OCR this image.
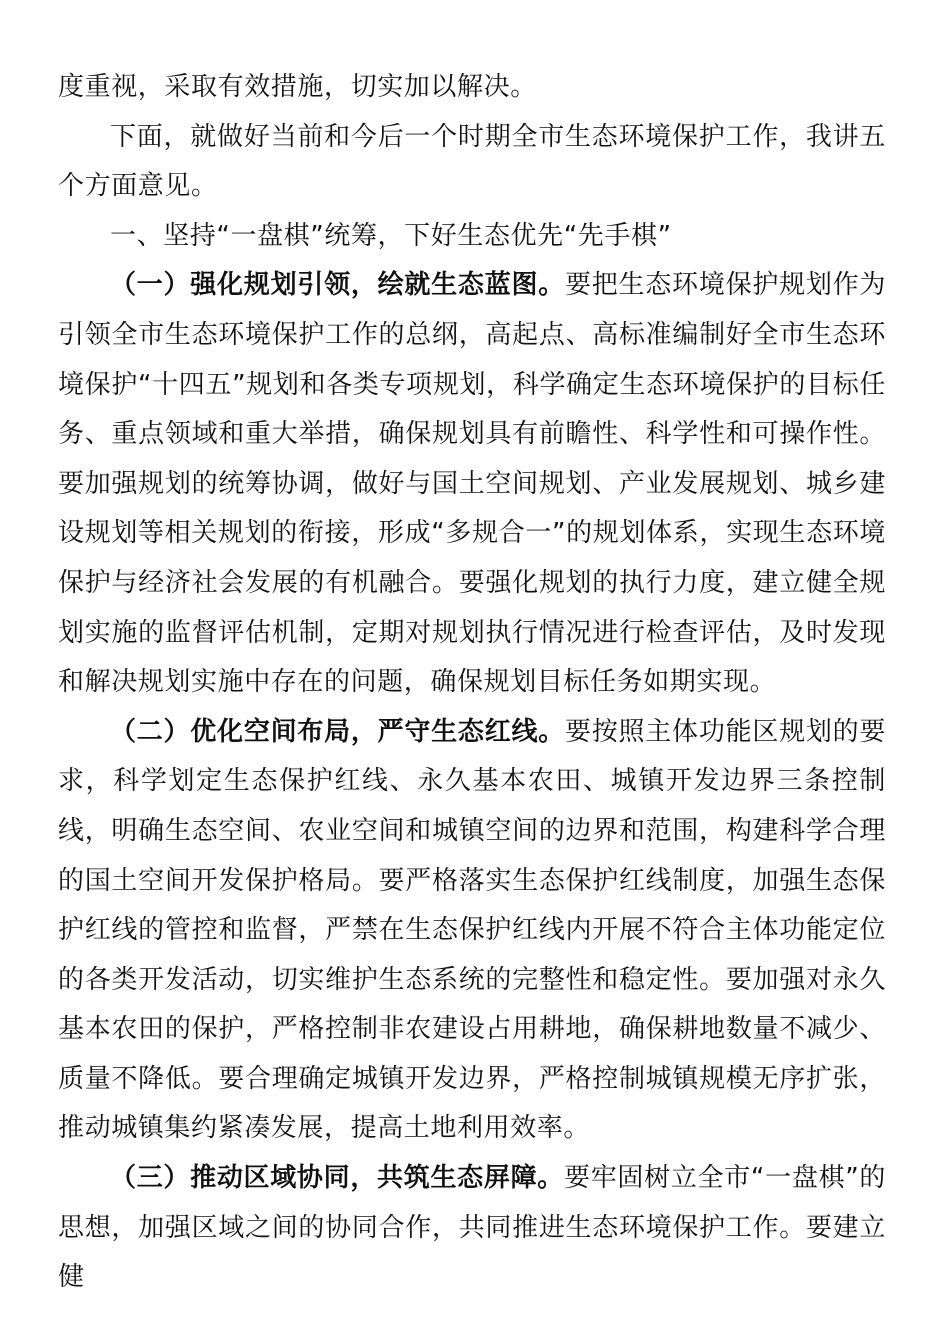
度重视，采取有效措施，切实加以解决。

下面，就做好当前和今后一个时期全市生态环境保护工作，我讲五个方面意见。

一、坚持“一盘棋”统筹，下好生态优先“先手棋”

（一）强化规划引领，绘就生态蓝图。要把生态环境保护规划作为引领全市生态环境保护工作的总纲，高起点、高标准编制好全市生态环境保护“十四五”规划和各类专项规划，科学确定生态环境保护的目标任务、重点领域和重大举措，确保规划具有前瞻性、科学性和可操作性。要加强规划的统筹协调，做好与国土空间规划、产业发展规划、城乡建设规划等相关规划的衔接，形成“多规合一”的规划体系，实现生态环境保护与经济社会发展的有机融合。要强化规划的执行力度，建立健全规划实施的监督评估机制，定期对规划执行情况进行检查评估，及时发现和解决规划实施中存在的问题，确保规划目标任务如期实现。

（二）优化空间布局，严守生态红线。要按照主体功能区规划的要求，科学划定生态保护红线、永久基本农田、城镇开发边界三条控制线，明确生态空间、农业空间和城镇空间的边界和范围，构建科学合理的国土空间开发保护格局。要严格落实生态保护红线制度，加强生态保护红线的管控和监督，严禁在生态保护红线内开展不符合主体功能定位的各类开发活动，切实维护生态系统的完整性和稳定性。要加强对永久基本农田的保护，严格控制非农建设占用耕地，确保耕地数量不减少、质量不降低。要合理确定城镇开发边界，严格控制城镇规模无序扩张，推动城镇集约紧凑发展，提高土地利用效率。

（三）推动区域协同，共筑生态屏障。要牢固树立全市“一盘棋”的思想，加强区域之间的协同合作，共同推进生态环境保护工作。要建立健
